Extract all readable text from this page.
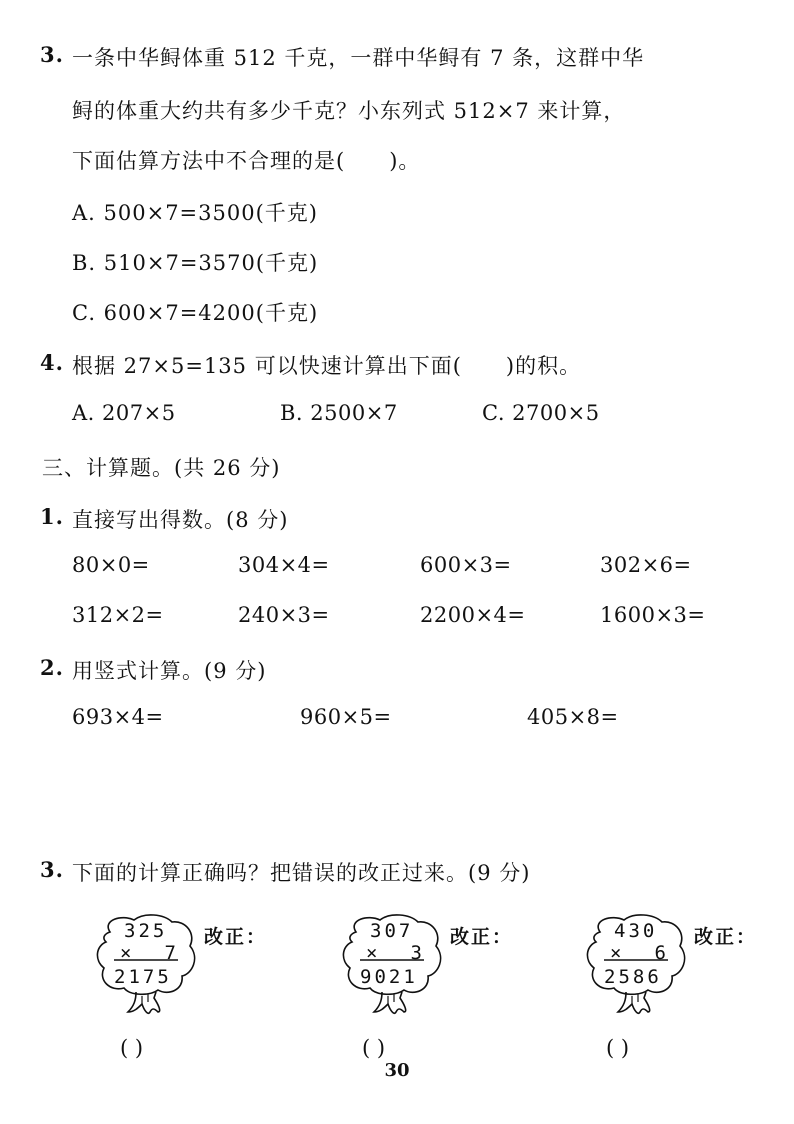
3. 一条中华鲟体重 512 千克，一群中华鲟有 7 条，这群中华
鲟的体重大约共有多少千克？小东列式 512×7 来计算，
下面估算方法中不合理的是( )。
A. 500×7=3500(千克)
B. 510×7=3570(千克)
C. 600×7=4200(千克)
4. 根据 27×5=135 可以快速计算出下面( )的积。
A. 207×5	B. 2500×7	C. 2700×5
三、计算题。(共 26 分)
1. 直接写出得数。(8 分)
80×0=	304×4=	600×3=	302×6=
312×2=	240×3=	2200×4=	1600×3=
2. 用竖式计算。(9 分)
693×4=	960×5=	405×8=
3. 下面的计算正确吗？把错误的改正过来。(9 分)
325
× 7
2175
改正：
( )
307
× 3
9021
改正：
( )
430
× 6
2586
改正：
( )
30
